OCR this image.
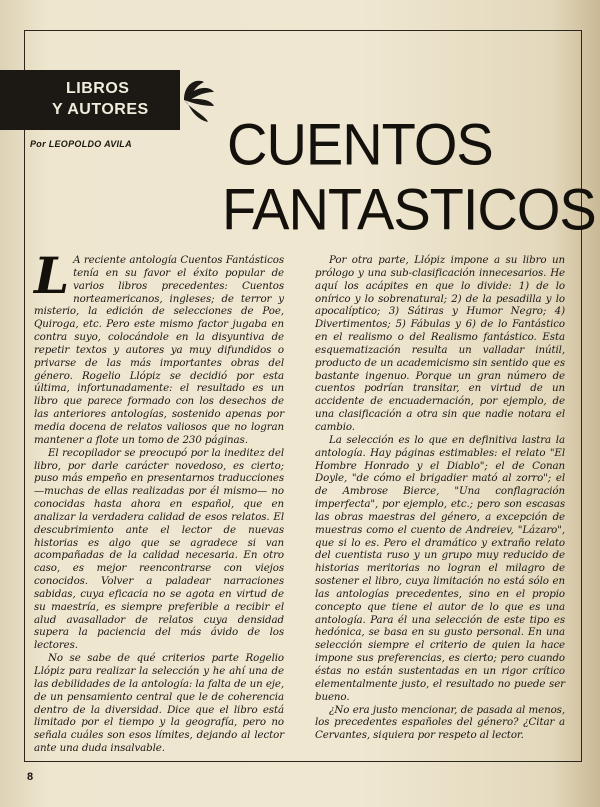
LIBROS
Y AUTORES
Por LEOPOLDO AVILA CUENTOS
FANTASTICOS
L A reciente antología Cuentos Fantásticos tenía en su favor el éxito popular de varios libros precedentes: Cuentos norteamericanos, ingleses; de terror y misterio, la edición de selecciones de Poe, Quiroga, etc. Pero este mismo factor jugaba en contra suyo, colocándole en la disyuntiva de repetir textos y autores ya muy difundidos o privarse de las más importantes obras del género. Rogelio Llópiz se decidió por esta última, infortunadamente: el resultado es un libro que parece formado con los desechos de las anteriores antologías, sostenido apenas por media docena de relatos valiosos que no logran mantener a flote un tomo de 230 páginas.

El recopilador se preocupó por la ineditez del libro, por darle carácter novedoso, es cierto; puso más empeño en presentarnos traducciones —muchas de ellas realizadas por él mismo— no conocidas hasta ahora en español, que en analizar la verdadera calidad de esos relatos. El descubrimiento ante el lector de nuevas historias es algo que se agradece si van acompañadas de la calidad necesaria. En otro caso, es mejor reencontrarse con viejos conocidos. Volver a paladear narraciones sabidas, cuya eficacia no se agota en virtud de su maestría, es siempre preferible a recibir el alud avasallador de relatos cuya densidad supera la paciencia del más ávido de los lectores.

No se sabe de qué criterios parte Rogelio Llópiz para realizar la selección y he ahí una de las debilidades de la antología: la falta de un eje, de un pensamiento central que le de coherencia dentro de la diversidad. Dice que el libro está limitado por el tiempo y la geografía, pero no señala cuáles son esos límites, dejando al lector ante una duda insalvable.

Por otra parte, Llópiz impone a su libro un prólogo y una sub-clasificación innecesarios. He aquí los acápites en que lo divide: 1) de lo onírico y lo sobrenatural; 2) de la pesadilla y lo apocalíptico; 3) Sátiras y Humor Negro; 4) Divertimentos; 5) Fábulas y 6) de lo Fantástico en el realismo o del Realismo fantástico. Esta esquematización resulta un valladar inútil, producto de un academicismo sin sentido que es bastante ingenuo. Porque un gran número de cuentos podrían transitar, en virtud de un accidente de encuadernación, por ejemplo, de una clasificación a otra sin que nadie notara el cambio.

La selección es lo que en definitiva lastra la antología. Hay páginas estimables: el relato "El Hombre Honrado y el Diablo"; el de Conan Doyle, "de cómo el brigadier mató al zorro"; el de Ambrose Bierce, "Una conflagración imperfecta", por ejemplo, etc.; pero son escasas las obras maestras del género, a excepción de muestras como el cuento de Andreiev, "Lázaro", que si lo es. Pero el dramático y extraño relato del cuentista ruso y un grupo muy reducido de historias meritorias no logran el milagro de sostener el libro, cuya limitación no está sólo en las antologías precedentes, sino en el propio concepto que tiene el autor de lo que es una antología. Para él una selección de este tipo es hedónica, se basa en su gusto personal. En una selección siempre el criterio de quien la hace impone sus preferencias, es cierto; pero cuando éstas no están sustentadas en un rigor crítico elementalmente justo, el resultado no puede ser bueno.

¿No era justo mencionar, de pasada al menos, los precedentes españoles del género? ¿Citar a Cervantes, siquiera por respeto al lector.

8
